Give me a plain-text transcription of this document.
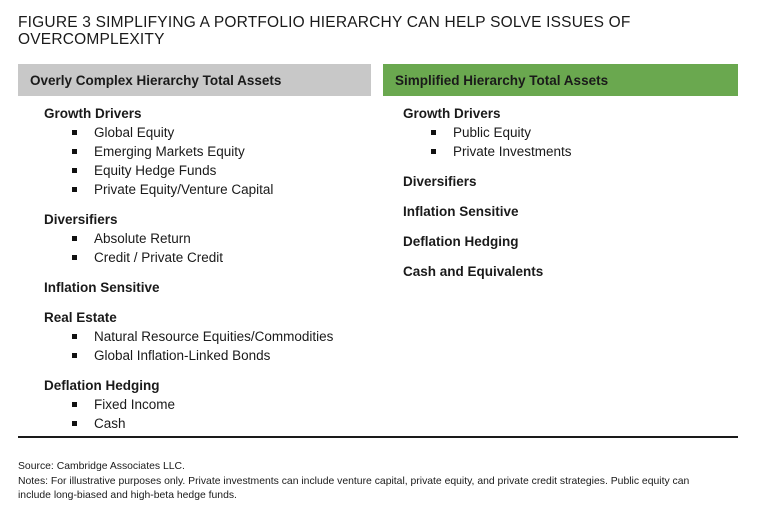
FIGURE 3 SIMPLIFYING A PORTFOLIO HIERARCHY CAN HELP SOLVE ISSUES OF
OVERCOMPLEXITY
Overly Complex Hierarchy Total Assets	Simplified Hierarchy Total Assets
Growth Drivers
Global Equity
Emerging Markets Equity
Equity Hedge Funds
Private Equity/Venture Capital
Diversifiers
Absolute Return
Credit / Private Credit
Inflation Sensitive
Real Estate
Natural Resource Equities/Commodities
Global Inflation-Linked Bonds
Deflation Hedging
Fixed Income
Cash
Growth Drivers
Public Equity
Private Investments
Diversifiers
Inflation Sensitive
Deflation Hedging
Cash and Equivalents
Source: Cambridge Associates LLC.
Notes: For illustrative purposes only. Private investments can include venture capital, private equity, and private credit strategies. Public equity can
include long-biased and high-beta hedge funds.
